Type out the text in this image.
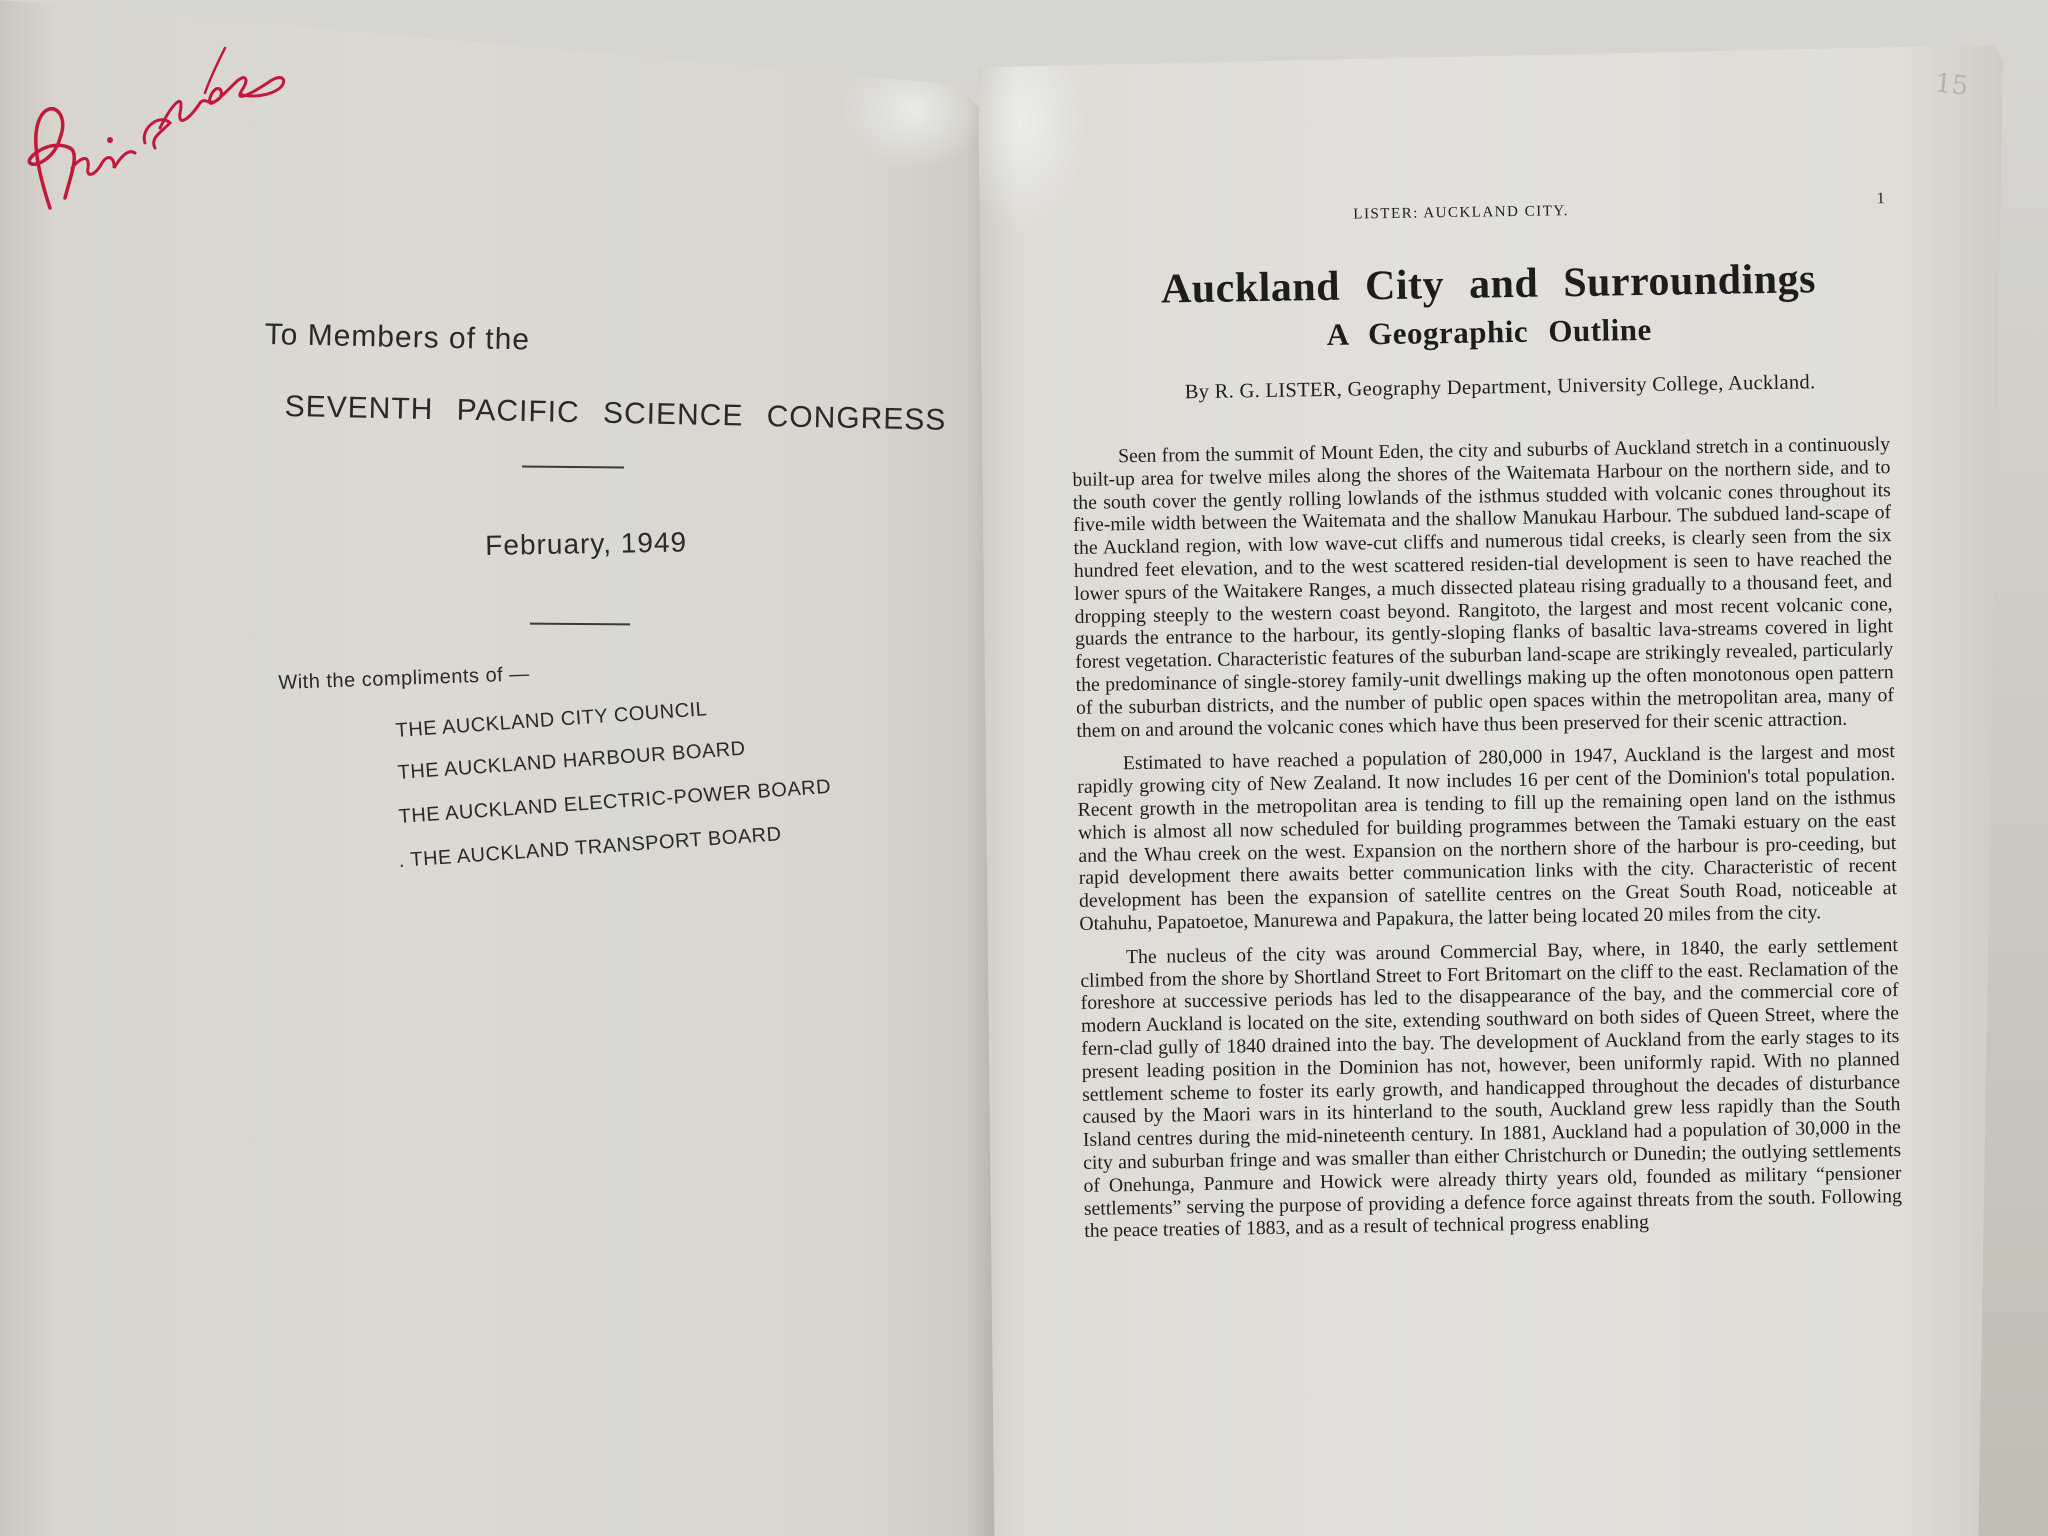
To Members of the
SEVENTH PACIFIC SCIENCE CONGRESS
February, 1949
With the compliments of —
THE AUCKLAND CITY COUNCIL
THE AUCKLAND HARBOUR BOARD
THE AUCKLAND ELECTRIC-POWER BOARD
. THE AUCKLAND TRANSPORT BOARD
15
LISTER: AUCKLAND CITY.
1
Auckland City and Surroundings
A Geographic Outline
By R. G. LISTER, Geography Department, University College, Auckland.

Seen from the summit of Mount Eden, the city and suburbs of Auckland stretch in a continuously built-up area for twelve miles along the shores of the Waitemata Harbour on the northern side, and to the south cover the gently rolling lowlands of the isthmus studded with volcanic cones throughout its five-mile width between the Waitemata and the shallow Manukau Harbour. The subdued land-scape of the Auckland region, with low wave-cut cliffs and numerous tidal creeks, is clearly seen from the six hundred feet elevation, and to the west scattered residen-tial development is seen to have reached the lower spurs of the Waitakere Ranges, a much dissected plateau rising gradually to a thousand feet, and dropping steeply to the western coast beyond. Rangitoto, the largest and most recent volcanic cone, guards the entrance to the harbour, its gently-sloping flanks of basaltic lava-streams covered in light forest vegetation. Characteristic features of the suburban land-scape are strikingly revealed, particularly the predominance of single-storey family-unit dwellings making up the often monotonous open pattern of the suburban districts, and the number of public open spaces within the metropolitan area, many of them on and around the volcanic cones which have thus been preserved for their scenic attraction.

Estimated to have reached a population of 280,000 in 1947, Auckland is the largest and most rapidly growing city of New Zealand. It now includes 16 per cent of the Dominion's total population. Recent growth in the metropolitan area is tending to fill up the remaining open land on the isthmus which is almost all now scheduled for building programmes between the Tamaki estuary on the east and the Whau creek on the west. Expansion on the northern shore of the harbour is pro-ceeding, but rapid development there awaits better communication links with the city. Characteristic of recent development has been the expansion of satellite centres on the Great South Road, noticeable at Otahuhu, Papatoetoe, Manurewa and Papakura, the latter being located 20 miles from the city.

The nucleus of the city was around Commercial Bay, where, in 1840, the early settlement climbed from the shore by Shortland Street to Fort Britomart on the cliff to the east. Reclamation of the foreshore at successive periods has led to the disappearance of the bay, and the commercial core of modern Auckland is located on the site, extending southward on both sides of Queen Street, where the fern-clad gully of 1840 drained into the bay. The development of Auckland from the early stages to its present leading position in the Dominion has not, however, been uniformly rapid. With no planned settlement scheme to foster its early growth, and handicapped throughout the decades of disturbance caused by the Maori wars in its hinterland to the south, Auckland grew less rapidly than the South Island centres during the mid-nineteenth century. In 1881, Auckland had a population of 30,000 in the city and suburban fringe and was smaller than either Christchurch or Dunedin; the outlying settlements of Onehunga, Panmure and Howick were already thirty years old, founded as military “pensioner settlements” serving the purpose of providing a defence force against threats from the south. Following the peace treaties of 1883, and as a result of technical progress enabling
